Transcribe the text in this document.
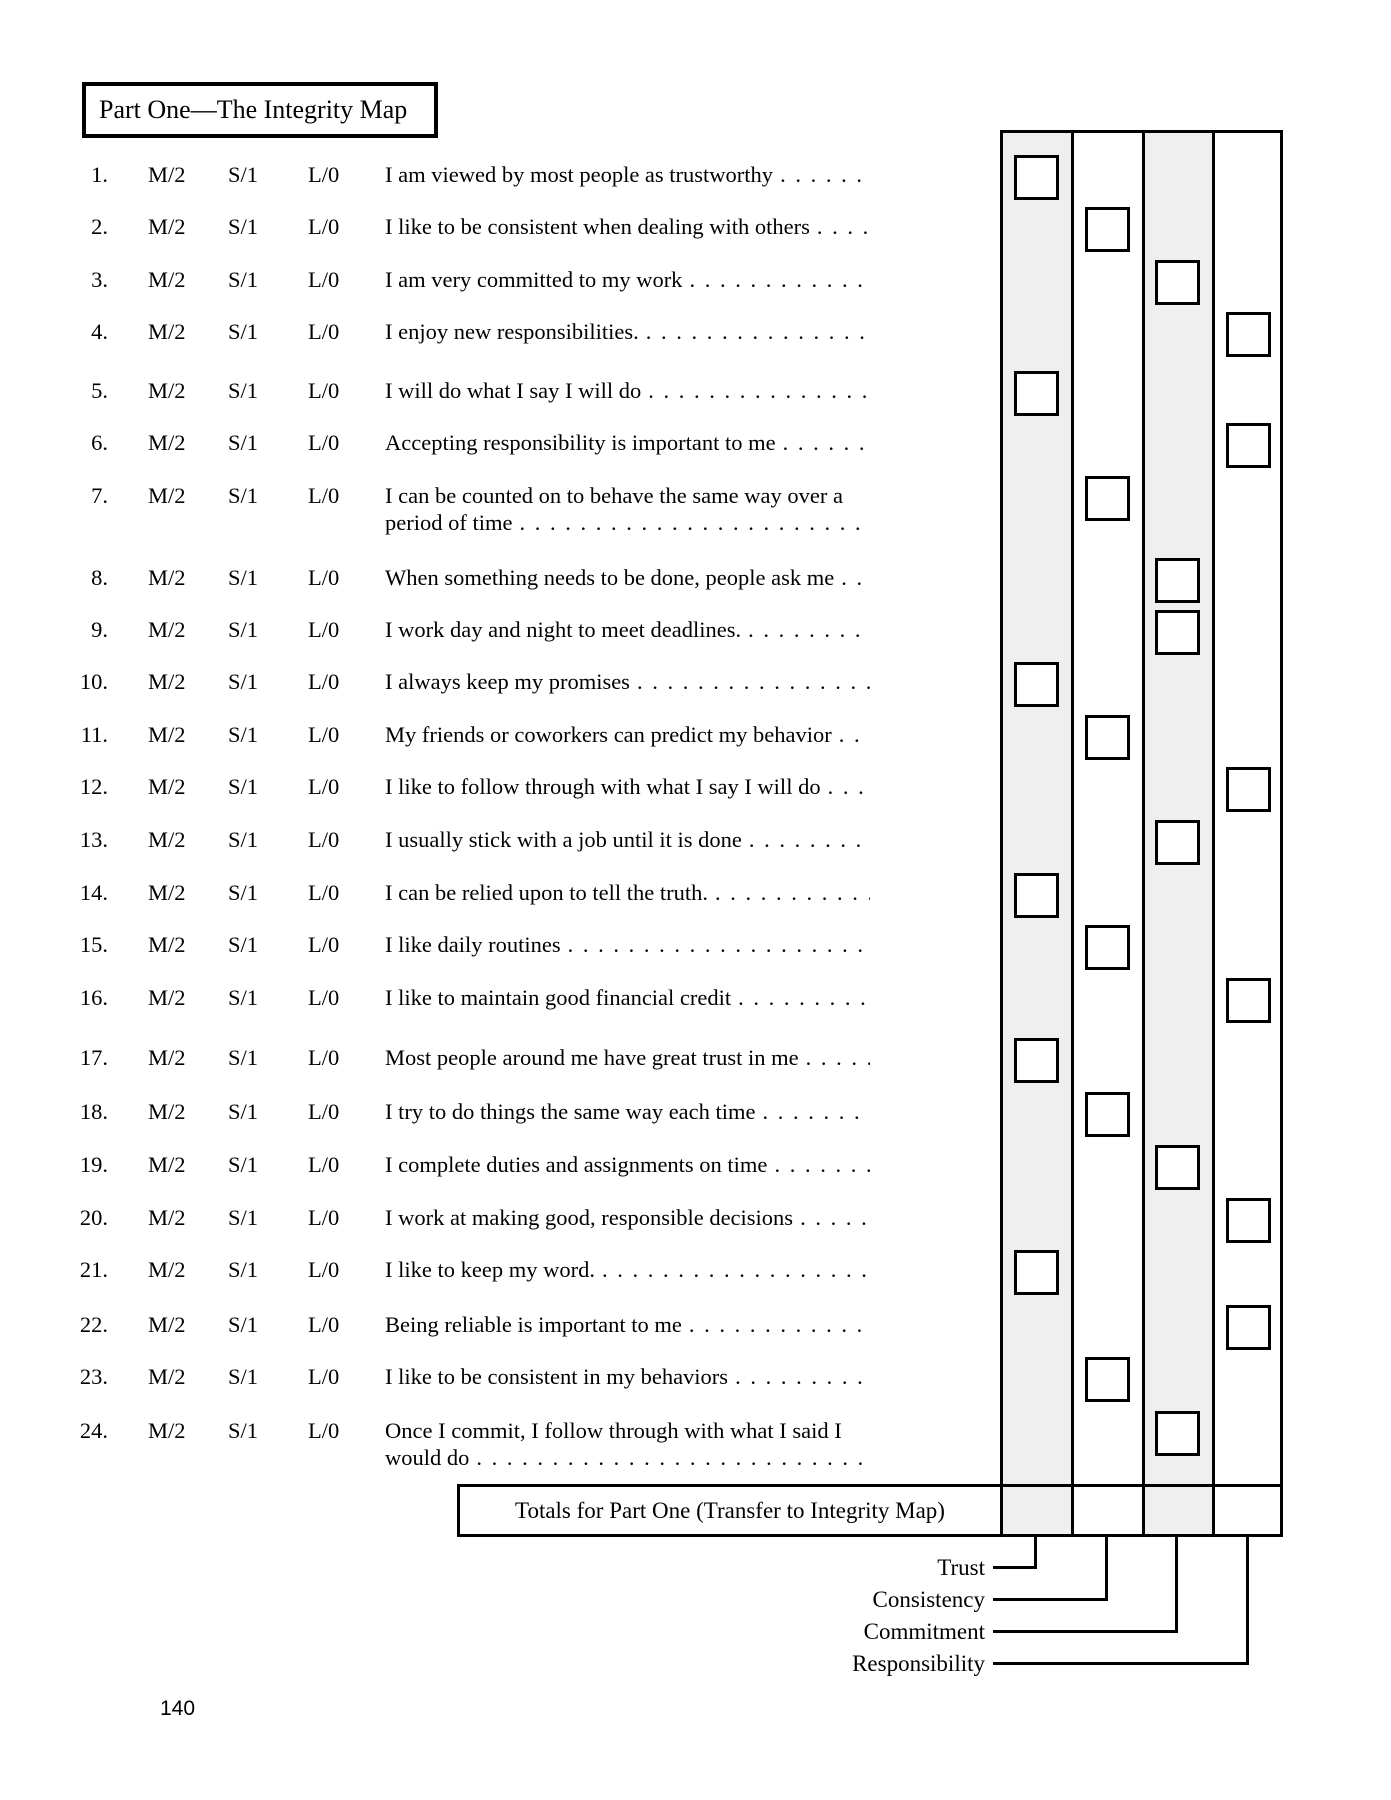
Part One—The Integrity Map
1. M/2 S/1 L/0 I am viewed by most people as trustworthy
. . .
2. M/2 S/1 L/0 I like to be consistent when dealing with others
. . .
3. M/2 S/1 L/0 I am very committed to my work
. . .
4. M/2 S/1 L/0 I enjoy new responsibilities.
. . .
5. M/2 S/1 L/0 I will do what I say I will do
. . .
6. M/2 S/1 L/0 Accepting responsibility is important to me
. . .
7. M/2 S/1 L/0 I can be counted on to behave the same way over a
period of time
. . .
8. M/2 S/1 L/0 When something needs to be done, people ask me
. . .
9. M/2 S/1 L/0 I work day and night to meet deadlines.
. . .
10. M/2 S/1 L/0 I always keep my promises
. . .
11. M/2 S/1 L/0 My friends or coworkers can predict my behavior
. . .
12. M/2 S/1 L/0 I like to follow through with what I say I will do
. . .
13. M/2 S/1 L/0 I usually stick with a job until it is done
. . .
14. M/2 S/1 L/0 I can be relied upon to tell the truth.
. . .
15. M/2 S/1 L/0 I like daily routines
. . .
16. M/2 S/1 L/0 I like to maintain good financial credit
. . .
17. M/2 S/1 L/0 Most people around me have great trust in me
. . .
18. M/2 S/1 L/0 I try to do things the same way each time
. . .
19. M/2 S/1 L/0 I complete duties and assignments on time
. . .
20. M/2 S/1 L/0 I work at making good, responsible decisions
. . .
21. M/2 S/1 L/0 I like to keep my word.
. . .
22. M/2 S/1 L/0 Being reliable is important to me
. . .
23. M/2 S/1 L/0 I like to be consistent in my behaviors
. . .
24. M/2 S/1 L/0 Once I commit, I follow through with what I said I
would do
. . .
Totals for Part One (Transfer to Integrity Map)
Trust
Consistency
Commitment
Responsibility
140
